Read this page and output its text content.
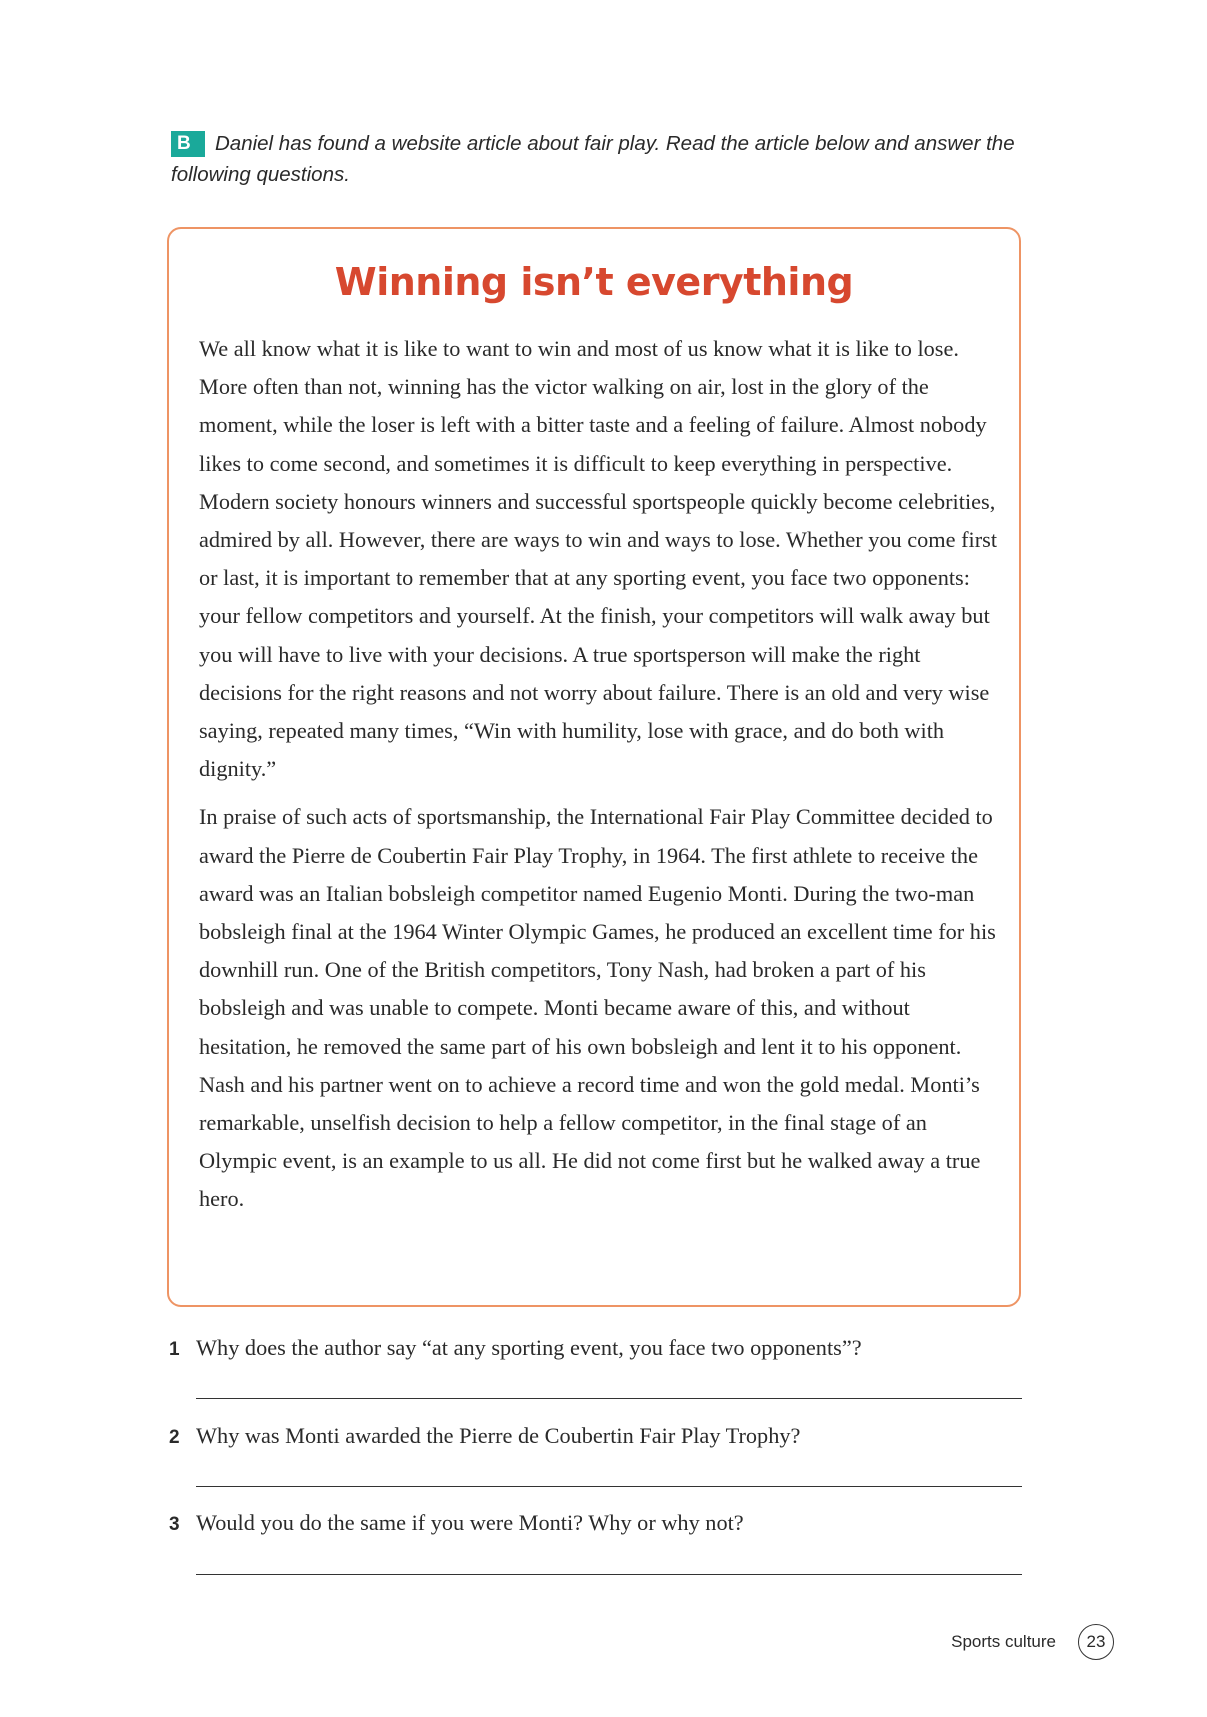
B Daniel has found a website article about fair play. Read the article below and answer the following questions.
Winning isn’t everything

We all know what it is like to want to win and most of us know what it is like to lose. More often than not, winning has the victor walking on air, lost in the glory of the moment, while the loser is left with a bitter taste and a feeling of failure. Almost nobody likes to come second, and sometimes it is difficult to keep everything in perspective. Modern society honours winners and successful sportspeople quickly become celebrities, admired by all. However, there are ways to win and ways to lose. Whether you come first or last, it is important to remember that at any sporting event, you face two opponents: your fellow competitors and yourself. At the finish, your competitors will walk away but you will have to live with your decisions. A true sportsperson will make the right decisions for the right reasons and not worry about failure. There is an old and very wise saying, repeated many times, “Win with humility, lose with grace, and do both with dignity.”

In praise of such acts of sportsmanship, the International Fair Play Committee decided to award the Pierre de Coubertin Fair Play Trophy, in 1964. The first athlete to receive the award was an Italian bobsleigh competitor named Eugenio Monti. During the two-man bobsleigh final at the 1964 Winter Olympic Games, he produced an excellent time for his downhill run. One of the British competitors, Tony Nash, had broken a part of his bobsleigh and was unable to compete. Monti became aware of this, and without hesitation, he removed the same part of his own bobsleigh and lent it to his opponent. Nash and his partner went on to achieve a record time and won the gold medal. Monti’s remarkable, unselfish decision to help a fellow competitor, in the final stage of an Olympic event, is an example to us all. He did not come first but he walked away a true hero.

1 Why does the author say “at any sporting event, you face two opponents”?
2 Why was Monti awarded the Pierre de Coubertin Fair Play Trophy?
3 Would you do the same if you were Monti? Why or why not?
Sports culture	23
